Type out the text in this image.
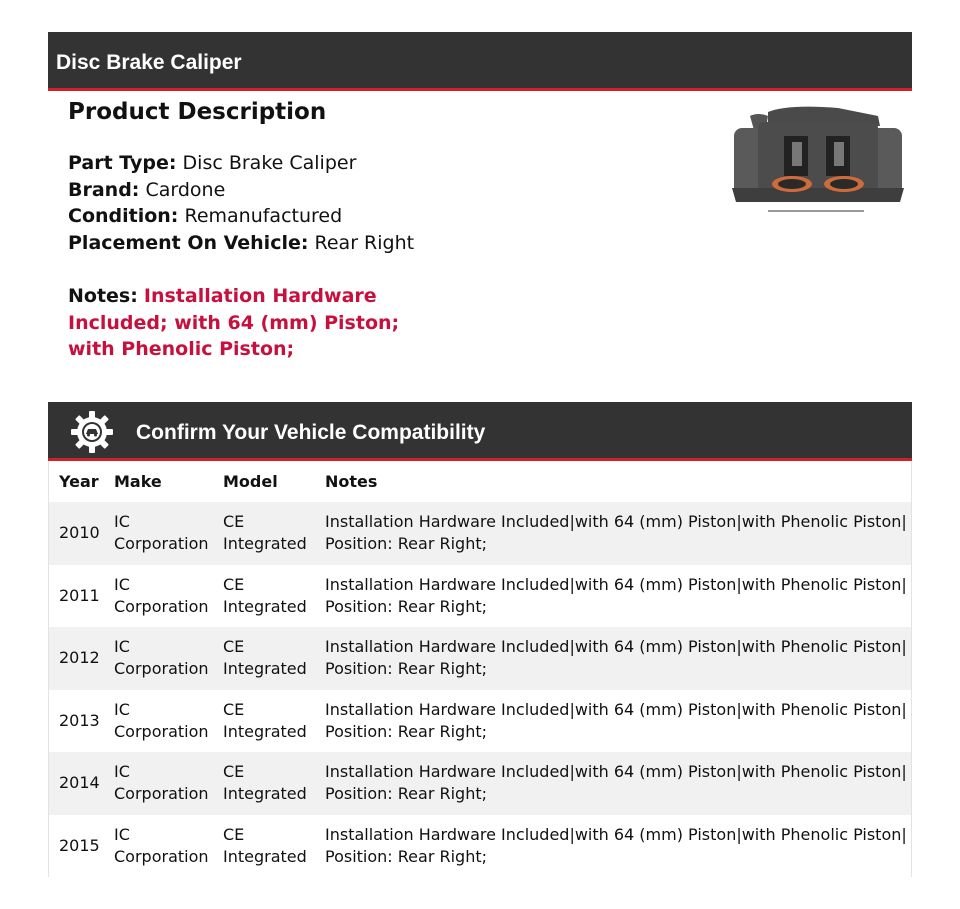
Disc Brake Caliper
Product Description
Part Type: Disc Brake Caliper
Brand: Cardone
Condition: Remanufactured
Placement On Vehicle: Rear Right
Notes: Installation Hardware Included; with 64 (mm) Piston; with Phenolic Piston;
Confirm Your Vehicle Compatibility
Year	Make	Model	Notes
2010	IC Corporation	CE Integrated	Installation Hardware Included|with 64 (mm) Piston|with Phenolic Piston| Position: Rear Right;
2011	IC Corporation	CE Integrated	Installation Hardware Included|with 64 (mm) Piston|with Phenolic Piston| Position: Rear Right;
2012	IC Corporation	CE Integrated	Installation Hardware Included|with 64 (mm) Piston|with Phenolic Piston| Position: Rear Right;
2013	IC Corporation	CE Integrated	Installation Hardware Included|with 64 (mm) Piston|with Phenolic Piston| Position: Rear Right;
2014	IC Corporation	CE Integrated	Installation Hardware Included|with 64 (mm) Piston|with Phenolic Piston| Position: Rear Right;
2015	IC Corporation	CE Integrated	Installation Hardware Included|with 64 (mm) Piston|with Phenolic Piston| Position: Rear Right;
